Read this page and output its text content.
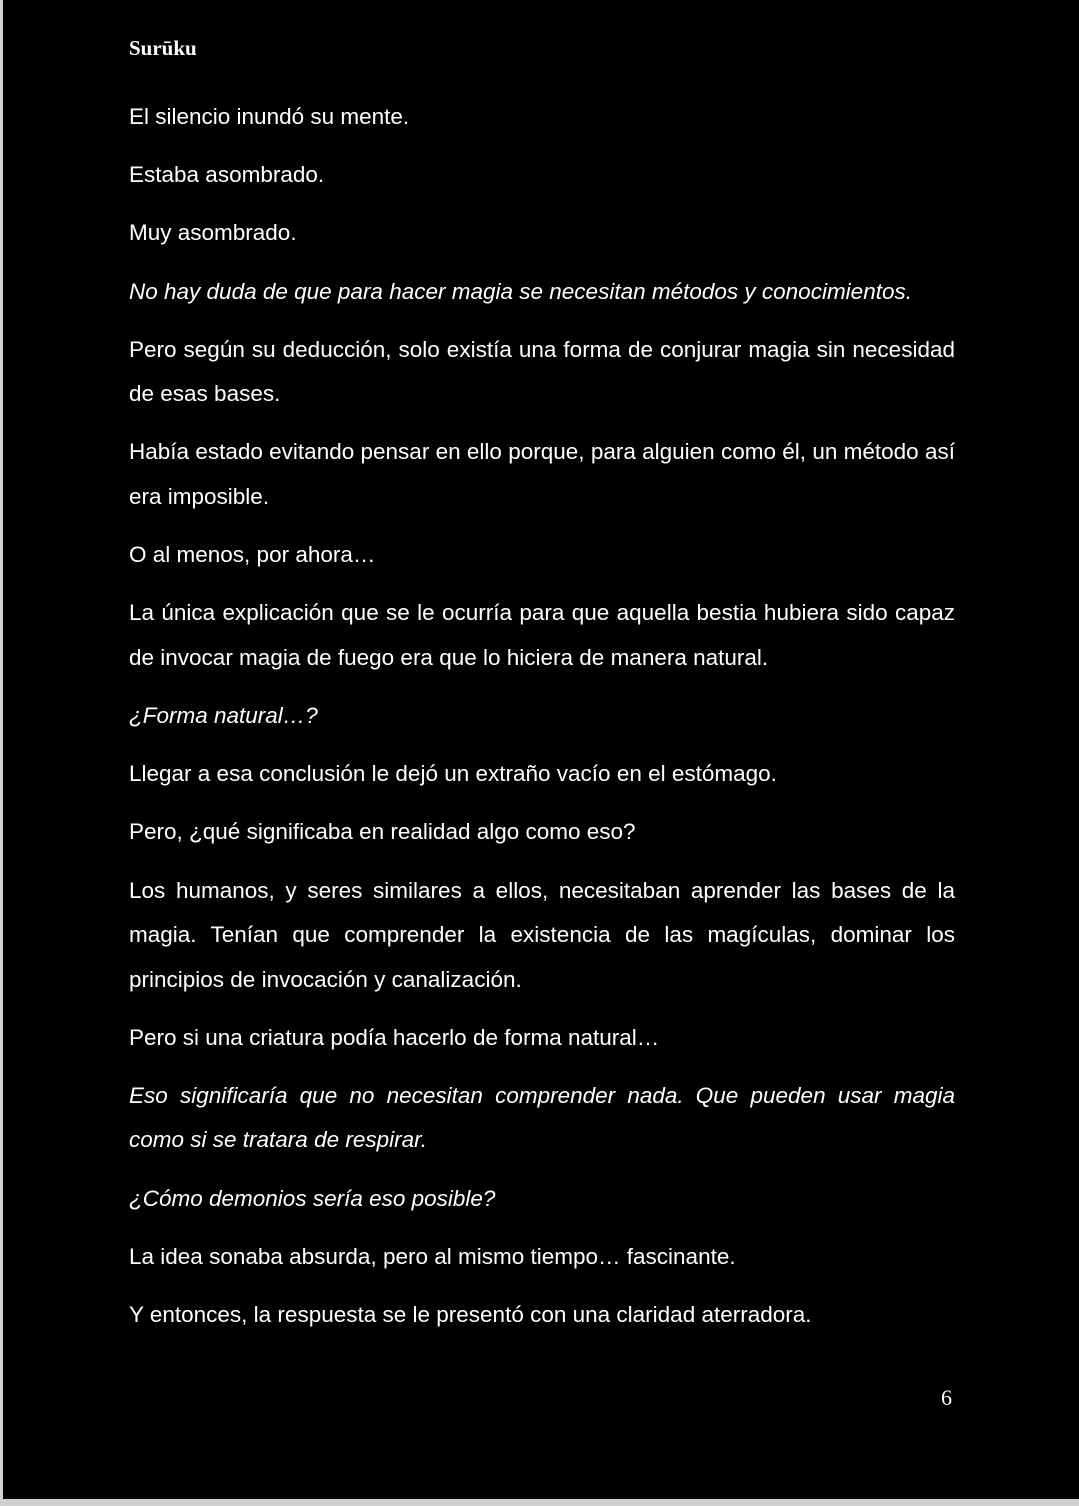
Surūku

El silencio inundó su mente.

Estaba asombrado.

Muy asombrado.

No hay duda de que para hacer magia se necesitan métodos y conocimientos.

Pero según su deducción, solo existía una forma de conjurar magia sin necesidad de esas bases.

Había estado evitando pensar en ello porque, para alguien como él, un método así era imposible.

O al menos, por ahora…

La única explicación que se le ocurría para que aquella bestia hubiera sido capaz de invocar magia de fuego era que lo hiciera de manera natural.

¿Forma natural…?

Llegar a esa conclusión le dejó un extraño vacío en el estómago.

Pero, ¿qué significaba en realidad algo como eso?

Los humanos, y seres similares a ellos, necesitaban aprender las bases de la magia. Tenían que comprender la existencia de las magículas, dominar los principios de invocación y canalización.

Pero si una criatura podía hacerlo de forma natural…

Eso significaría que no necesitan comprender nada. Que pueden usar magia como si se tratara de respirar.

¿Cómo demonios sería eso posible?

La idea sonaba absurda, pero al mismo tiempo… fascinante.

Y entonces, la respuesta se le presentó con una claridad aterradora.

6
